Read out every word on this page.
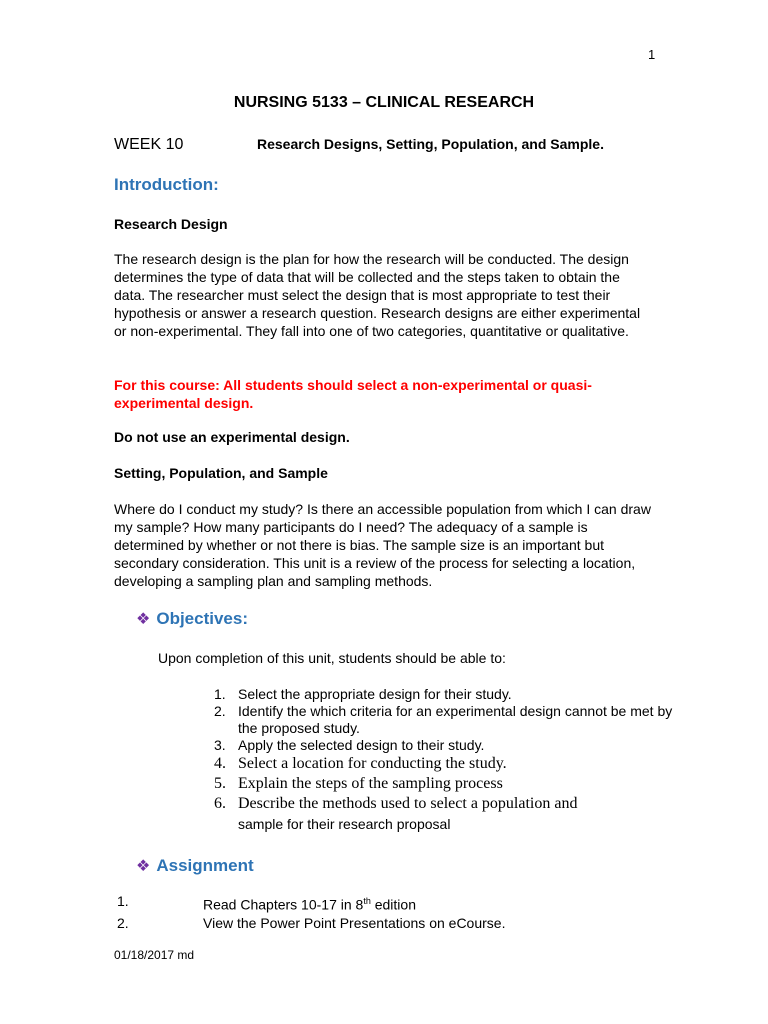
1
NURSING 5133 – CLINICAL RESEARCH
WEEK 10	Research Designs, Setting, Population, and Sample.
Introduction:
Research Design
The research design is the plan for how the research will be conducted. The design determines the type of data that will be collected and the steps taken to obtain the data. The researcher must select the design that is most appropriate to test their hypothesis or answer a research question. Research designs are either experimental or non-experimental. They fall into one of two categories, quantitative or qualitative.
For this course: All students should select a non-experimental or quasi-experimental design.
Do not use an experimental design.
Setting, Population, and Sample
Where do I conduct my study? Is there an accessible population from which I can draw my sample? How many participants do I need? The adequacy of a sample is determined by whether or not there is bias. The sample size is an important but secondary consideration. This unit is a review of the process for selecting a location, developing a sampling plan and sampling methods.
❖ Objectives:
Upon completion of this unit, students should be able to:
1. Select the appropriate design for their study.
2. Identify the which criteria for an experimental design cannot be met by the proposed study.
3. Apply the selected design to their study.
4. Select a location for conducting the study.
5. Explain the steps of the sampling process
6. Describe the methods used to select a population and
sample for their research proposal
❖ Assignment
1.	Read Chapters 10-17 in 8th edition
2.	View the Power Point Presentations on eCourse.
01/18/2017 md
